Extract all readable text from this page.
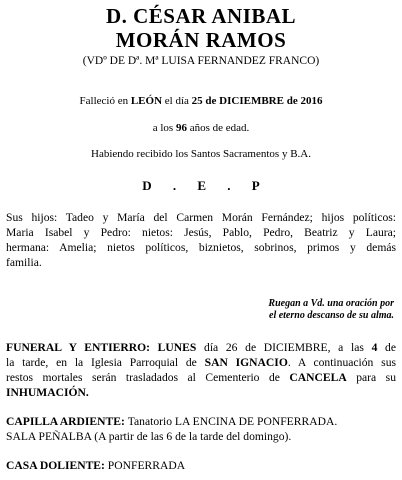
D. CÉSAR ANIBAL
MORÁN RAMOS
(VDº DE Dª. Mª LUISA FERNANDEZ FRANCO)
Falleció en LEÓN el día 25 de DICIEMBRE de 2016
a los 96 años de edad.
Habiendo recibido los Santos Sacramentos y B.A.
D . E . P
Sus hijos: Tadeo y María del Carmen Morán Fernández; hijos políticos:
Maria Isabel y Pedro: nietos: Jesús, Pablo, Pedro, Beatriz y Laura;
hermana: Amelia; nietos políticos, biznietos, sobrinos, primos y demás
familia.
Ruegan a Vd. una oración por
el eterno descanso de su alma.
FUNERAL Y ENTIERRO: LUNES día 26 de DICIEMBRE, a las 4 de
la tarde, en la Iglesia Parroquial de SAN IGNACIO. A continuación sus
restos mortales serán trasladados al Cementerio de CANCELA para su
INHUMACIÓN.
CAPILLA ARDIENTE: Tanatorio LA ENCINA DE PONFERRADA.
SALA PEÑALBA (A partir de las 6 de la tarde del domingo).
CASA DOLIENTE: PONFERRADA
